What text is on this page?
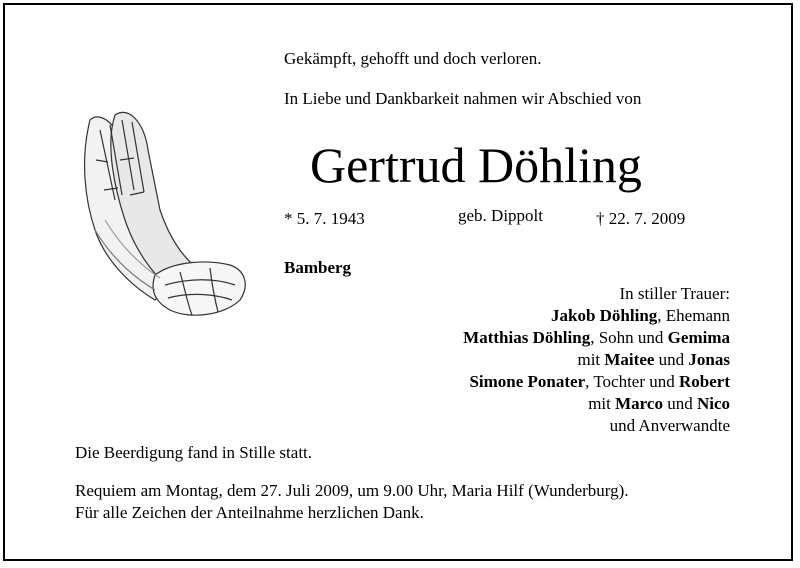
Gekämpft, gehofft und doch verloren.
In Liebe und Dankbarkeit nahmen wir Abschied von
Gertrud Döhling
* 5. 7. 1943	geb. Dippolt	† 22. 7. 2009
Bamberg
In stiller Trauer:
Jakob Döhling, Ehemann
Matthias Döhling, Sohn und Gemima
mit Maitee und Jonas
Simone Ponater, Tochter und Robert
mit Marco und Nico
und Anverwandte
Die Beerdigung fand in Stille statt.
Requiem am Montag, dem 27. Juli 2009, um 9.00 Uhr, Maria Hilf (Wunderburg).
Für alle Zeichen der Anteilnahme herzlichen Dank.
